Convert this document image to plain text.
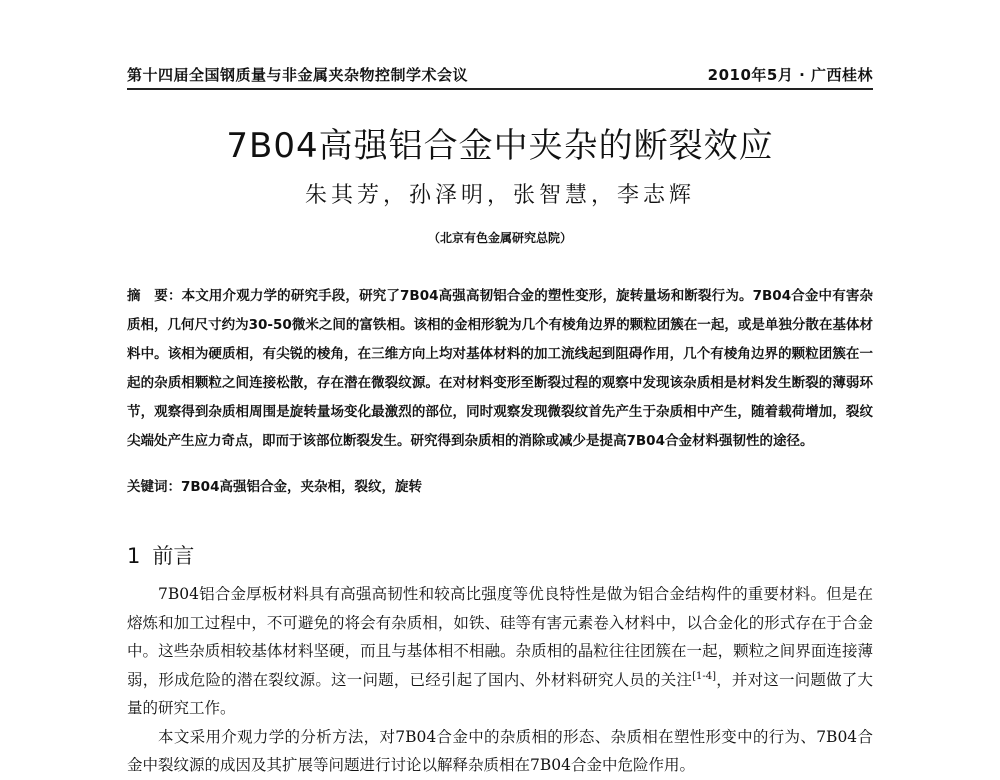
第十四届全国钢质量与非金属夹杂物控制学术会议	2010年5月 · 广西桂林
7B04高强铝合金中夹杂的断裂效应
朱其芳，孙泽明，张智慧，李志辉
（北京有色金属研究总院）
摘　要：本文用介观力学的研究手段，研究了7B04高强高韧铝合金的塑性变形，旋转量场和断裂行为。7B04合金中有害杂质相，几何尺寸约为30-50微米之间的富铁相。该相的金相形貌为几个有棱角边界的颗粒团簇在一起，或是单独分散在基体材料中。该相为硬质相，有尖锐的棱角，在三维方向上均对基体材料的加工流线起到阻碍作用，几个有棱角边界的颗粒团簇在一起的杂质相颗粒之间连接松散，存在潜在微裂纹源。在对材料变形至断裂过程的观察中发现该杂质相是材料发生断裂的薄弱环节，观察得到杂质相周围是旋转量场变化最激烈的部位，同时观察发现微裂纹首先产生于杂质相中产生，随着载荷增加，裂纹尖端处产生应力奇点，即而于该部位断裂发生。研究得到杂质相的消除或减少是提高7B04合金材料强韧性的途径。
关键词：7B04高强铝合金，夹杂相，裂纹，旋转
1 前言

7B04铝合金厚板材料具有高强高韧性和较高比强度等优良特性是做为铝合金结构件的重要材料。但是在熔炼和加工过程中，不可避免的将会有杂质相，如铁、硅等有害元素卷入材料中，以合金化的形式存在于合金中。这些杂质相较基体材料坚硬，而且与基体相不相融。杂质相的晶粒往往团簇在一起，颗粒之间界面连接薄弱，形成危险的潜在裂纹源。这一问题，已经引起了国内、外材料研究人员的关注[1-4]，并对这一问题做了大量的研究工作。

本文采用介观力学的分析方法，对7B04合金中的杂质相的形态、杂质相在塑性形变中的行为、7B04合金中裂纹源的成因及其扩展等问题进行讨论以解释杂质相在7B04合金中危险作用。
